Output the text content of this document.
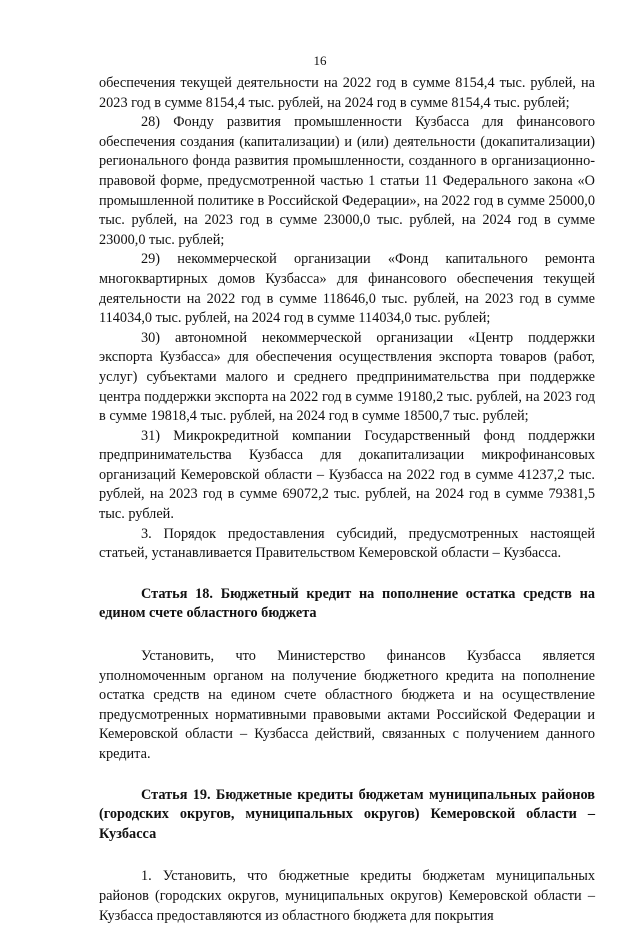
16

обеспечения текущей деятельности на 2022 год в сумме 8154,4 тыс. рублей, на 2023 год в сумме 8154,4 тыс. рублей, на 2024 год в сумме 8154,4 тыс. рублей;

28) Фонду развития промышленности Кузбасса для финансового обеспечения создания (капитализации) и (или) деятельности (докапитализации) регионального фонда развития промышленности, созданного в организационно-правовой форме, предусмотренной частью 1 статьи 11 Федерального закона «О промышленной политике в Российской Федерации», на 2022 год в сумме 25000,0 тыс. рублей, на 2023 год в сумме 23000,0 тыс. рублей, на 2024 год в сумме 23000,0 тыс. рублей;

29) некоммерческой организации «Фонд капитального ремонта многоквартирных домов Кузбасса» для финансового обеспечения текущей деятельности на 2022 год в сумме 118646,0 тыс. рублей, на 2023 год в сумме 114034,0 тыс. рублей, на 2024 год в сумме 114034,0 тыс. рублей;

30) автономной некоммерческой организации «Центр поддержки экспорта Кузбасса» для обеспечения осуществления экспорта товаров (работ, услуг) субъектами малого и среднего предпринимательства при поддержке центра поддержки экспорта на 2022 год в сумме 19180,2 тыс. рублей, на 2023 год в сумме 19818,4 тыс. рублей, на 2024 год в сумме 18500,7 тыс. рублей;

31) Микрокредитной компании Государственный фонд поддержки предпринимательства Кузбасса для докапитализации микрофинансовых организаций Кемеровской области – Кузбасса на 2022 год в сумме 41237,2 тыс. рублей, на 2023 год в сумме 69072,2 тыс. рублей, на 2024 год в сумме 79381,5 тыс. рублей.

3. Порядок предоставления субсидий, предусмотренных настоящей статьей, устанавливается Правительством Кемеровской области – Кузбасса.

Статья 18. Бюджетный кредит на пополнение остатка средств на едином счете областного бюджета

Установить, что Министерство финансов Кузбасса является уполномоченным органом на получение бюджетного кредита на пополнение остатка средств на едином счете областного бюджета и на осуществление предусмотренных нормативными правовыми актами Российской Федерации и Кемеровской области – Кузбасса действий, связанных с получением данного кредита.

Статья 19. Бюджетные кредиты бюджетам муниципальных районов (городских округов, муниципальных округов) Кемеровской области – Кузбасса

1. Установить, что бюджетные кредиты бюджетам муниципальных районов (городских округов, муниципальных округов) Кемеровской области – Кузбасса предоставляются из областного бюджета для покрытия
